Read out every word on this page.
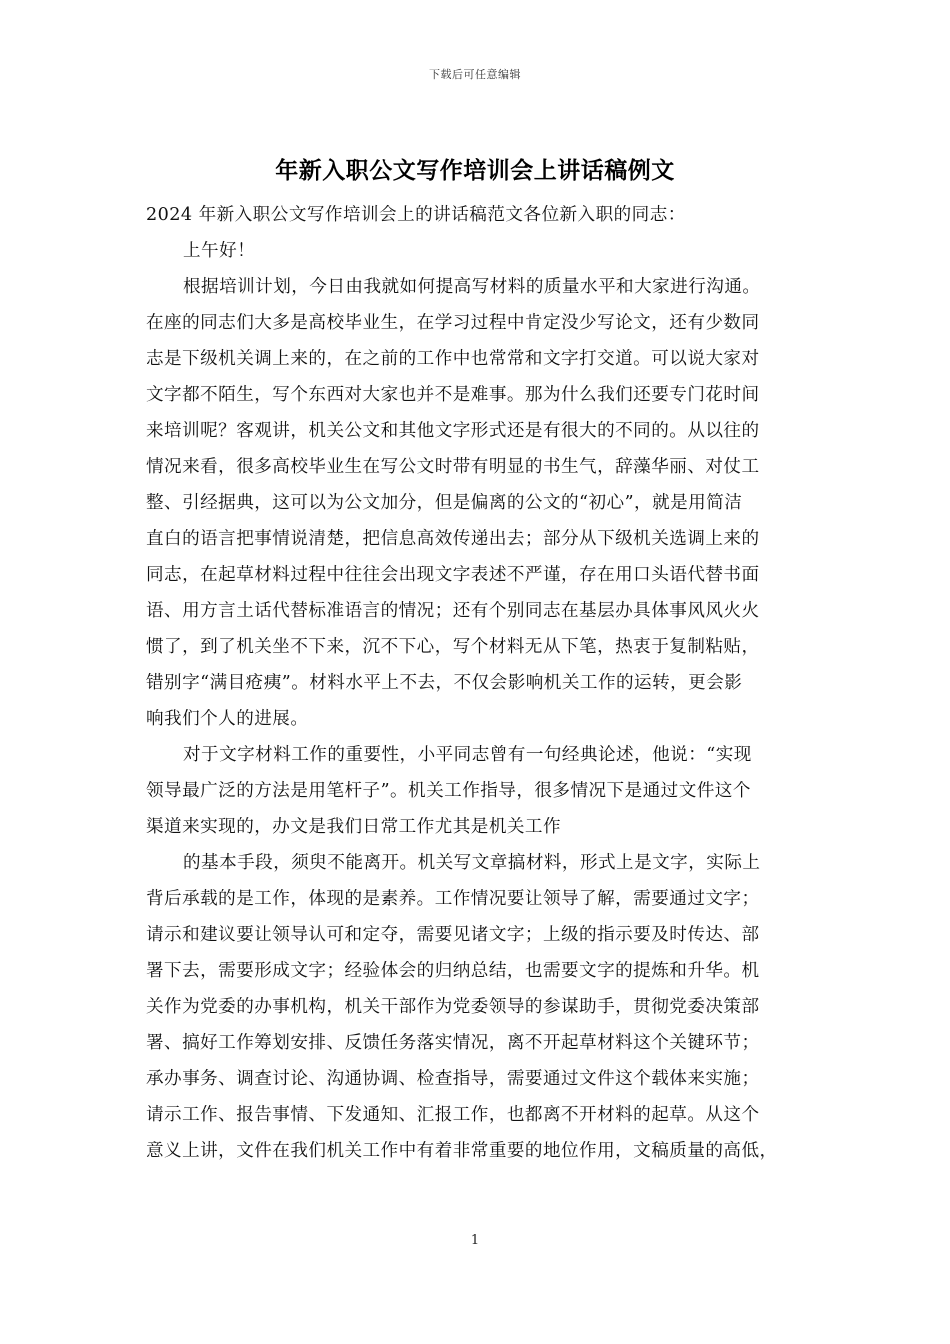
下载后可任意编辑
年新入职公文写作培训会上讲话稿例文
2024 年新入职公文写作培训会上的讲话稿范文各位新入职的同志：
上午好！
根据培训计划，今日由我就如何提高写材料的质量水平和大家进行沟通。
在座的同志们大多是高校毕业生，在学习过程中肯定没少写论文，还有少数同
志是下级机关调上来的，在之前的工作中也常常和文字打交道。可以说大家对
文字都不陌生，写个东西对大家也并不是难事。那为什么我们还要专门花时间
来培训呢？客观讲，机关公文和其他文字形式还是有很大的不同的。从以往的
情况来看，很多高校毕业生在写公文时带有明显的书生气，辞藻华丽、对仗工
整、引经据典，这可以为公文加分，但是偏离的公文的“初心”，就是用简洁
直白的语言把事情说清楚，把信息高效传递出去；部分从下级机关选调上来的
同志，在起草材料过程中往往会出现文字表述不严谨，存在用口头语代替书面
语、用方言土话代替标准语言的情况；还有个别同志在基层办具体事风风火火
惯了，到了机关坐不下来，沉不下心，写个材料无从下笔，热衷于复制粘贴，
错别字“满目疮痍”。材料水平上不去，不仅会影响机关工作的运转，更会影
响我们个人的进展。
对于文字材料工作的重要性，小平同志曾有一句经典论述，他说：“实现
领导最广泛的方法是用笔杆子”。机关工作指导，很多情况下是通过文件这个
渠道来实现的，办文是我们日常工作尤其是机关工作
的基本手段，须臾不能离开。机关写文章搞材料，形式上是文字，实际上
背后承载的是工作，体现的是素养。工作情况要让领导了解，需要通过文字；
请示和建议要让领导认可和定夺，需要见诸文字；上级的指示要及时传达、部
署下去，需要形成文字；经验体会的归纳总结，也需要文字的提炼和升华。机
关作为党委的办事机构，机关干部作为党委领导的参谋助手，贯彻党委决策部
署、搞好工作筹划安排、反馈任务落实情况，离不开起草材料这个关键环节；
承办事务、调查讨论、沟通协调、检查指导，需要通过文件这个载体来实施；
请示工作、报告事情、下发通知、汇报工作，也都离不开材料的起草。从这个
意义上讲，文件在我们机关工作中有着非常重要的地位作用，文稿质量的高低，
1
